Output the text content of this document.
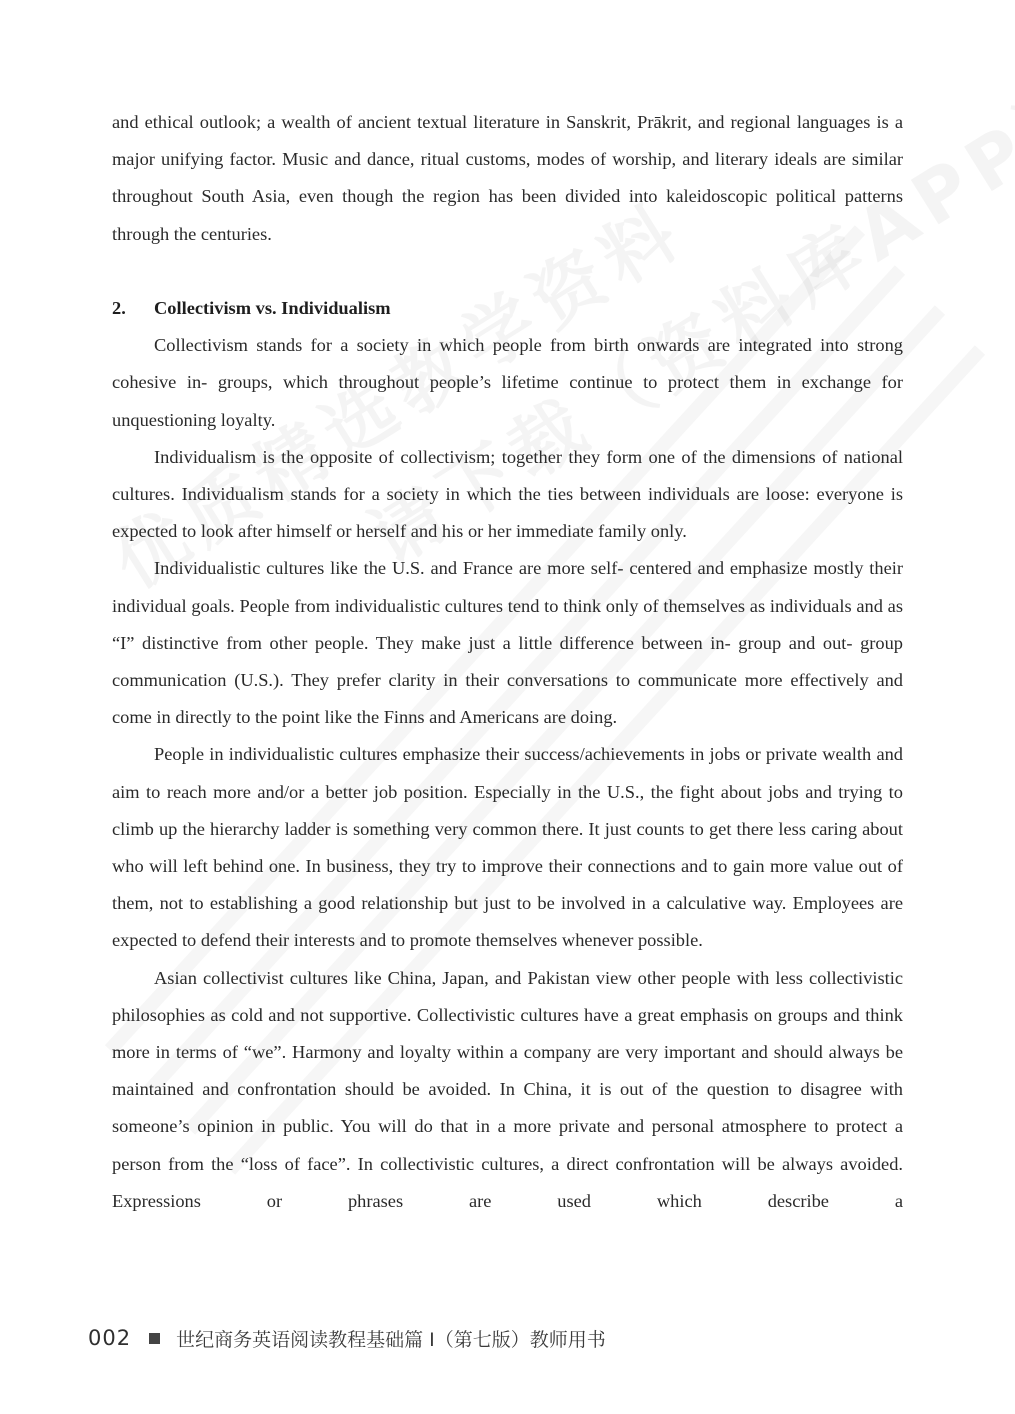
and ethical outlook; a wealth of ancient textual literature in Sanskrit, Prākrit, and regional languages is a major unifying factor. Music and dance, ritual customs, modes of worship, and literary ideals are similar throughout South Asia, even though the region has been divided into kaleidoscopic political patterns through the centuries.

2. Collectivism vs. Individualism

Collectivism stands for a society in which people from birth onwards are integrated into strong cohesive in- groups, which throughout people’s lifetime continue to protect them in exchange for unquestioning loyalty.

Individualism is the opposite of collectivism; together they form one of the dimensions of national cultures. Individualism stands for a society in which the ties between individuals are loose: everyone is expected to look after himself or herself and his or her immediate family only.

Individualistic cultures like the U.S. and France are more self- centered and emphasize mostly their individual goals. People from individualistic cultures tend to think only of themselves as individuals and as “I” distinctive from other people. They make just a little difference between in- group and out- group communication (U.S.). They prefer clarity in their conversations to communicate more effectively and come in directly to the point like the Finns and Americans are doing.

People in individualistic cultures emphasize their success/achievements in jobs or private wealth and aim to reach more and/or a better job position. Especially in the U.S., the fight about jobs and trying to climb up the hierarchy ladder is something very common there. It just counts to get there less caring about who will left behind one. In business, they try to improve their connections and to gain more value out of them, not to establishing a good relationship but just to be involved in a calculative way. Employees are expected to defend their interests and to promote themselves whenever possible.

Asian collectivist cultures like China, Japan, and Pakistan view other people with less collectivistic philosophies as cold and not supportive. Collectivistic cultures have a great emphasis on groups and think more in terms of “we”. Harmony and loyalty within a company are very important and should always be maintained and confrontation should be avoided. In China, it is out of the question to disagree with someone’s opinion in public. You will do that in a more private and personal atmosphere to protect a person from the “loss of face”. In collectivistic cultures, a direct confrontation will be always avoided. Expressions or phrases are used which describe a

002 世纪商务英语阅读教程基础篇 Ⅰ（第七版）教师用书
